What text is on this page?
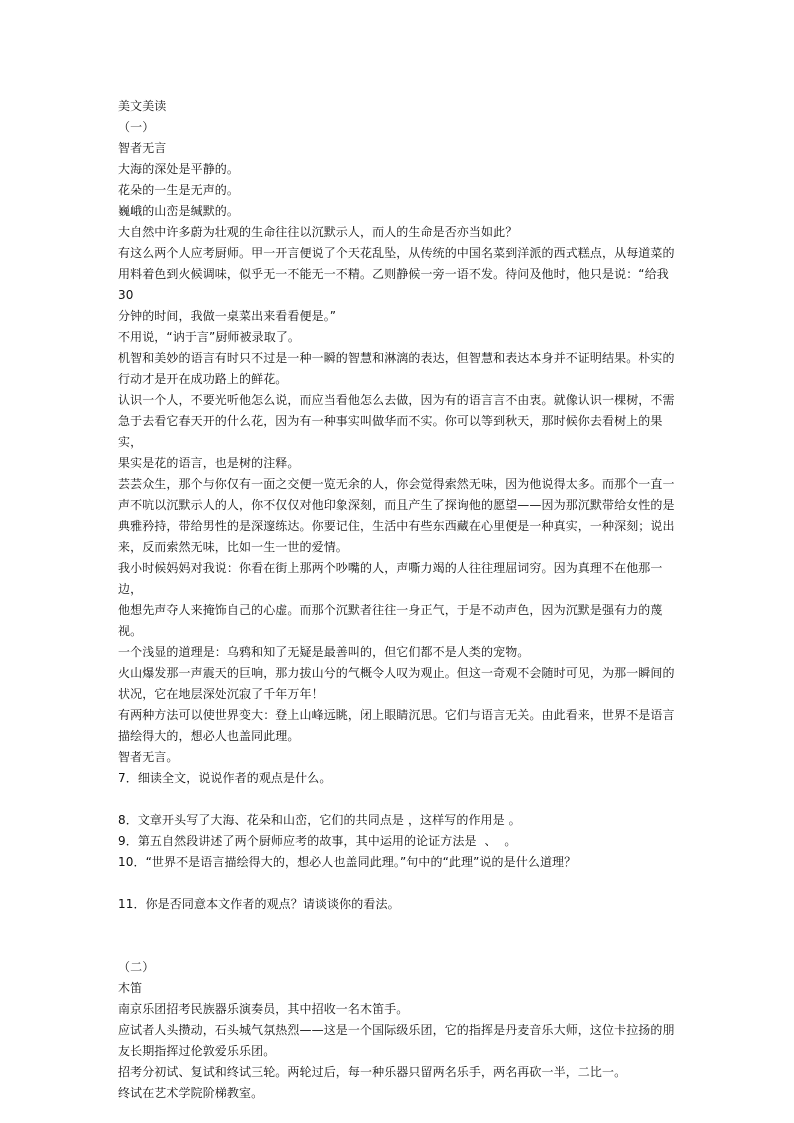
美文美读

（一）

智者无言

大海的深处是平静的。

花朵的一生是无声的。

巍峨的山峦是缄默的。

大自然中许多蔚为壮观的生命往往以沉默示人，而人的生命是否亦当如此？

有这么两个人应考厨师。甲一开言便说了个天花乱坠，从传统的中国名菜到洋派的西式糕点，从每道菜的

用料着色到火候调味，似乎无一不能无一不精。乙则静候一旁一语不发。待问及他时，他只是说：“给我 30

分钟的时间，我做一桌菜出来看看便是。”

不用说，“讷于言”厨师被录取了。

机智和美妙的语言有时只不过是一种一瞬的智慧和淋漓的表达，但智慧和表达本身并不证明结果。朴实的

行动才是开在成功路上的鲜花。

认识一个人，不要光听他怎么说，而应当看他怎么去做，因为有的语言言不由衷。就像认识一棵树，不需

急于去看它春天开的什么花，因为有一种事实叫做华而不实。你可以等到秋天，那时候你去看树上的果实，

果实是花的语言，也是树的注释。

芸芸众生，那个与你仅有一面之交便一览无余的人，你会觉得索然无味，因为他说得太多。而那个一直一

声不吭以沉默示人的人，你不仅仅对他印象深刻，而且产生了探询他的愿望——因为那沉默带给女性的是

典雅矜持，带给男性的是深邃练达。你要记住，生活中有些东西藏在心里便是一种真实，一种深刻；说出

来，反而索然无味，比如一生一世的爱情。

我小时候妈妈对我说：你看在街上那两个吵嘴的人，声嘶力竭的人往往理屈词穷。因为真理不在他那一边，

他想先声夺人来掩饰自己的心虚。而那个沉默者往往一身正气，于是不动声色，因为沉默是强有力的蔑视。

一个浅显的道理是：乌鸦和知了无疑是最善叫的，但它们都不是人类的宠物。

火山爆发那一声震天的巨响，那力拔山兮的气概令人叹为观止。但这一奇观不会随时可见，为那一瞬间的

状况，它在地层深处沉寂了千年万年！

有两种方法可以使世界变大：登上山峰远眺，闭上眼睛沉思。它们与语言无关。由此看来，世界不是语言

描绘得大的，想必人也盖同此理。

智者无言。

7．细读全文，说说作者的观点是什么。

8．文章开头写了大海、花朵和山峦，它们的共同点是 ，这样写的作用是 。

9．第五自然段讲述了两个厨师应考的故事，其中运用的论证方法是  、  。

10．“世界不是语言描绘得大的，想必人也盖同此理。”句中的“此理”说的是什么道理？

11．你是否同意本文作者的观点？请谈谈你的看法。

（二）

木笛

南京乐团招考民族器乐演奏员，其中招收一名木笛手。

应试者人头攒动，石头城气氛热烈——这是一个国际级乐团，它的指挥是丹麦音乐大师，这位卡拉扬的朋

友长期指挥过伦敦爱乐乐团。

招考分初试、复试和终试三轮。两轮过后，每一种乐器只留两名乐手，两名再砍一半，二比一。

终试在艺术学院阶梯教室。
